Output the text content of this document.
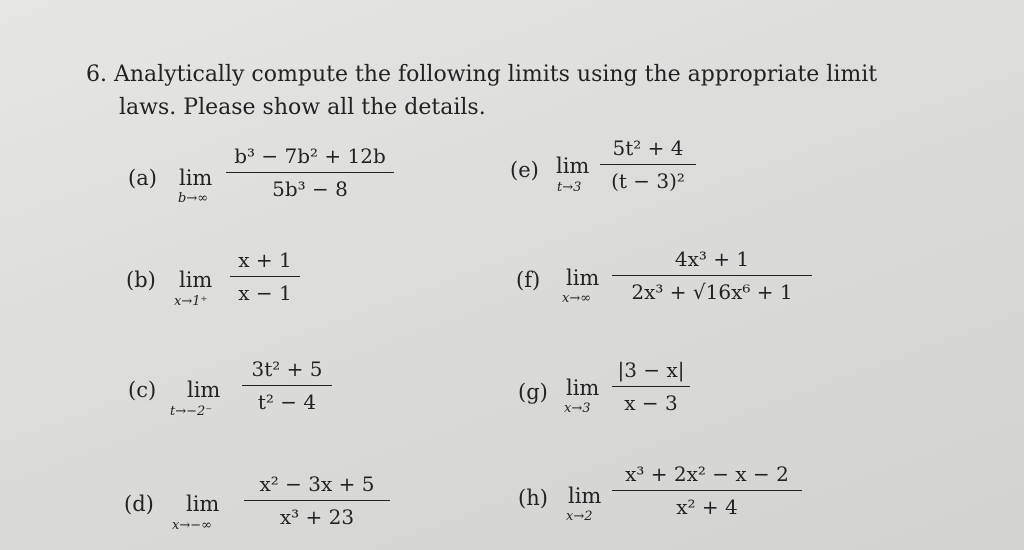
6. Analytically compute the following limits using the appropriate limit
laws. Please show all the details.
(a) lim
b→∞
b³ − 7b² + 12b
5b³ − 8
(b) lim
x→1⁺
x + 1
x − 1
(c) lim
t→−2⁻
3t² + 5
t² − 4
(d) lim
x→−∞
x² − 3x + 5
x³ + 23
(e) lim
t→3
5t² + 4
(t − 3)²
(f) lim
x→∞
4x³ + 1
2x³ + √16x⁶ + 1
(g) lim
x→3
|3 − x|
x − 3
(h) lim
x→2
x³ + 2x² − x − 2
x² + 4
